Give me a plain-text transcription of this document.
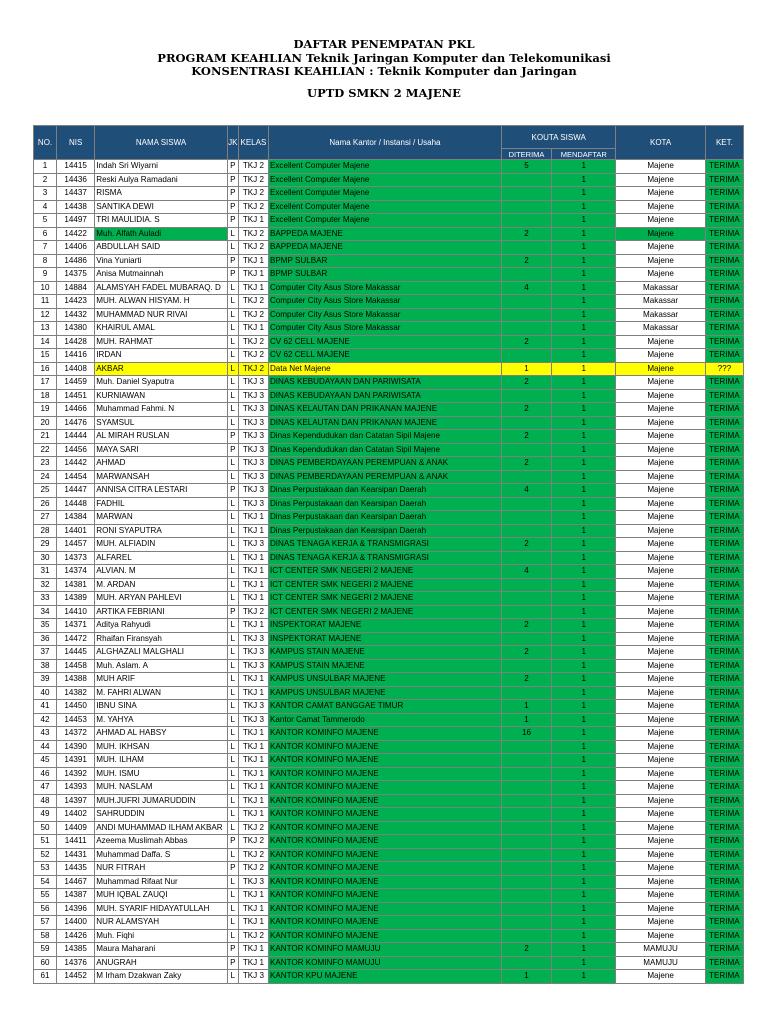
DAFTAR PENEMPATAN PKL
PROGRAM KEAHLIAN Teknik Jaringan Komputer dan Telekomunikasi
KONSENTRASI KEAHLIAN : Teknik Komputer dan Jaringan
UPTD SMKN 2 MAJENE
NO.	NIS	NAMA SISWA	JK	KELAS	Nama Kantor / Instansi / Usaha	KOUTA SISWA		KOTA	KET.
						DITERIMA	MENDAFTAR		
1	14415	Indah Sri Wiyarni	P	TKJ 2	Excellent Computer Majene	5	1	Majene	TERIMA
2	14436	Reski Aulya Ramadani	P	TKJ 2	Excellent Computer Majene		1	Majene	TERIMA
3	14437	RISMA	P	TKJ 2	Excellent Computer Majene		1	Majene	TERIMA
4	14438	SANTIKA DEWI	P	TKJ 2	Excellent Computer Majene		1	Majene	TERIMA
5	14497	TRI MAULIDIA. S	P	TKJ 1	Excellent Computer Majene		1	Majene	TERIMA
6	14422	Muh. Alfath Auladi	L	TKJ 2	BAPPEDA MAJENE	2	1	Majene	TERIMA
7	14406	ABDULLAH SAID	L	TKJ 2	BAPPEDA MAJENE		1	Majene	TERIMA
8	14486	Vina Yuniarti	P	TKJ 1	BPMP SULBAR	2	1	Majene	TERIMA
9	14375	Anisa Mutmainnah	P	TKJ 1	BPMP SULBAR		1	Majene	TERIMA
10	14884	ALAMSYAH FADEL MUBARAQ. D	L	TKJ 1	Computer City Asus Store Makassar	4	1	Makassar	TERIMA
11	14423	MUH. ALWAN HISYAM. H	L	TKJ 2	Computer City Asus Store Makassar		1	Makassar	TERIMA
12	14432	MUHAMMAD NUR RIVAI	L	TKJ 2	Computer City Asus Store Makassar		1	Makassar	TERIMA
13	14380	KHAIRUL AMAL	L	TKJ 1	Computer City Asus Store Makassar		1	Makassar	TERIMA
14	14428	MUH. RAHMAT	L	TKJ 2	CV 62 CELL MAJENE	2	1	Majene	TERIMA
15	14416	IRDAN	L	TKJ 2	CV 62 CELL MAJENE		1	Majene	TERIMA
16	14408	AKBAR	L	TKJ 2	Data Net Majene	1	1	Majene	???
17	14459	Muh. Daniel Syaputra	L	TKJ 3	DINAS KEBUDAYAAN DAN PARIWISATA	2	1	Majene	TERIMA
18	14451	KURNIAWAN	L	TKJ 3	DINAS KEBUDAYAAN DAN PARIWISATA		1	Majene	TERIMA
19	14466	Muhammad Fahmi. N	L	TKJ 3	DINAS KELAUTAN DAN PRIKANAN MAJENE	2	1	Majene	TERIMA
20	14476	SYAMSUL	L	TKJ 3	DINAS KELAUTAN DAN PRIKANAN MAJENE		1	Majene	TERIMA
21	14444	AL MIRAH RUSLAN	P	TKJ 3	Dinas Kependudukan dan Catatan Sipil Majene	2	1	Majene	TERIMA
22	14456	MAYA SARI	P	TKJ 3	Dinas Kependudukan dan Catatan Sipil Majene		1	Majene	TERIMA
23	14442	AHMAD	L	TKJ 3	DINAS PEMBERDAYAAN PEREMPUAN & ANAK	2	1	Majene	TERIMA
24	14454	MARWANSAH	L	TKJ 3	DINAS PEMBERDAYAAN PEREMPUAN & ANAK		1	Majene	TERIMA
25	14447	ANNISA CITRA LESTARI	P	TKJ 3	Dinas Perpustakaan dan Kearsipan Daerah	4	1	Majene	TERIMA
26	14448	FADHIL	L	TKJ 3	Dinas Perpustakaan dan Kearsipan Daerah		1	Majene	TERIMA
27	14384	MARWAN	L	TKJ 1	Dinas Perpustakaan dan Kearsipan Daerah		1	Majene	TERIMA
28	14401	RONI SYAPUTRA	L	TKJ 1	Dinas Perpustakaan dan Kearsipan Daerah		1	Majene	TERIMA
29	14457	MUH. ALFIADIN	L	TKJ 3	DINAS TENAGA KERJA & TRANSMIGRASI	2	1	Majene	TERIMA
30	14373	ALFAREL	L	TKJ 1	DINAS TENAGA KERJA & TRANSMIGRASI		1	Majene	TERIMA
31	14374	ALVIAN. M	L	TKJ 1	ICT CENTER SMK NEGERI 2 MAJENE	4	1	Majene	TERIMA
32	14381	M. ARDAN	L	TKJ 1	ICT CENTER SMK NEGERI 2 MAJENE		1	Majene	TERIMA
33	14389	MUH. ARYAN PAHLEVI	L	TKJ 1	ICT CENTER SMK NEGERI 2 MAJENE		1	Majene	TERIMA
34	14410	ARTIKA FEBRIANI	P	TKJ 2	ICT CENTER SMK NEGERI 2 MAJENE		1	Majene	TERIMA
35	14371	Aditya Rahyudi	L	TKJ 1	INSPEKTORAT MAJENE	2	1	Majene	TERIMA
36	14472	Rhaifan Firansyah	L	TKJ 3	INSPEKTORAT MAJENE		1	Majene	TERIMA
37	14445	ALGHAZALI MALGHALI	L	TKJ 3	KAMPUS STAIN MAJENE	2	1	Majene	TERIMA
38	14458	Muh. Aslam. A	L	TKJ 3	KAMPUS STAIN MAJENE		1	Majene	TERIMA
39	14388	MUH ARIF	L	TKJ 1	KAMPUS UNSULBAR MAJENE	2	1	Majene	TERIMA
40	14382	M. FAHRI ALWAN	L	TKJ 1	KAMPUS UNSULBAR MAJENE		1	Majene	TERIMA
41	14450	IBNU SINA	L	TKJ 3	KANTOR CAMAT BANGGAE TIMUR	1	1	Majene	TERIMA
42	14453	M. YAHYA	L	TKJ 3	Kantor Camat Tammerodo	1	1	Majene	TERIMA
43	14372	AHMAD AL HABSY	L	TKJ 1	KANTOR KOMINFO MAJENE	16	1	Majene	TERIMA
44	14390	MUH. IKHSAN	L	TKJ 1	KANTOR KOMINFO MAJENE		1	Majene	TERIMA
45	14391	MUH. ILHAM	L	TKJ 1	KANTOR KOMINFO MAJENE		1	Majene	TERIMA
46	14392	MUH. ISMU	L	TKJ 1	KANTOR KOMINFO MAJENE		1	Majene	TERIMA
47	14393	MUH. NASLAM	L	TKJ 1	KANTOR KOMINFO MAJENE		1	Majene	TERIMA
48	14397	MUH.JUFRI JUMARUDDIN	L	TKJ 1	KANTOR KOMINFO MAJENE		1	Majene	TERIMA
49	14402	SAHRUDDIN	L	TKJ 1	KANTOR KOMINFO MAJENE		1	Majene	TERIMA
50	14409	ANDI MUHAMMAD ILHAM AKBAR	L	TKJ 2	KANTOR KOMINFO MAJENE		1	Majene	TERIMA
51	14411	Azeema Muslimah Abbas	P	TKJ 2	KANTOR KOMINFO MAJENE		1	Majene	TERIMA
52	14431	Muhammad Daffa. S	L	TKJ 2	KANTOR KOMINFO MAJENE		1	Majene	TERIMA
53	14435	NUR FITRAH	P	TKJ 2	KANTOR KOMINFO MAJENE		1	Majene	TERIMA
54	14467	Muhammad Rifaat Nur	L	TKJ 3	KANTOR KOMINFO MAJENE		1	Majene	TERIMA
55	14387	MUH IQBAL ZAUQI	L	TKJ 1	KANTOR KOMINFO MAJENE		1	Majene	TERIMA
56	14396	MUH. SYARIF HIDAYATULLAH	L	TKJ 1	KANTOR KOMINFO MAJENE		1	Majene	TERIMA
57	14400	NUR ALAMSYAH	L	TKJ 1	KANTOR KOMINFO MAJENE		1	Majene	TERIMA
58	14426	Muh. Fiqhi	L	TKJ 2	KANTOR KOMINFO MAJENE		1	Majene	TERIMA
59	14385	Maura Maharani	P	TKJ 1	KANTOR KOMINFO MAMUJU	2	1	MAMUJU	TERIMA
60	14376	ANUGRAH	P	TKJ 1	KANTOR KOMINFO MAMUJU		1	MAMUJU	TERIMA
61	14452	M Irham Dzakwan Zaky	L	TKJ 3	KANTOR KPU MAJENE	1	1	Majene	TERIMA
